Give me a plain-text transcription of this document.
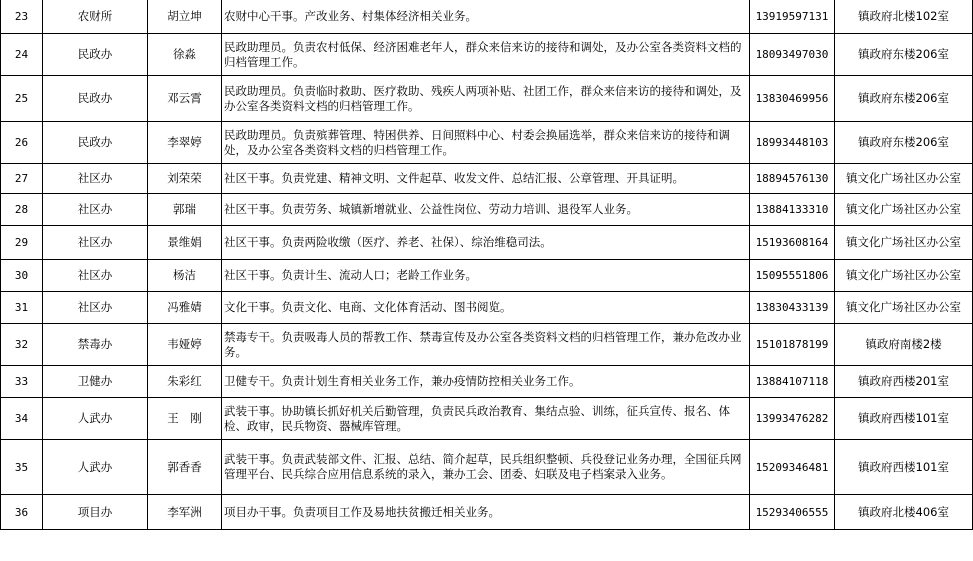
23	农财所	胡立坤	农财中心干事。产改业务、村集体经济相关业务。	13919597131	镇政府北楼102室
24	民政办	徐淼	民政助理员。负责农村低保、经济困难老年人，群众来信来访的接待和调处，及办公室各类资料文档的归档管理工作。	18093497030	镇政府东楼206室
25	民政办	邓云霄	民政助理员。负责临时救助、医疗救助、残疾人两项补贴、社团工作，群众来信来访的接待和调处，及办公室各类资料文档的归档管理工作。	13830469956	镇政府东楼206室
26	民政办	李翠婷	民政助理员。负责殡葬管理、特困供养、日间照料中心、村委会换届选举，群众来信来访的接待和调处，及办公室各类资料文档的归档管理工作。	18993448103	镇政府东楼206室
27	社区办	刘荣荣	社区干事。负责党建、精神文明、文件起草、收发文件、总结汇报、公章管理、开具证明。	18894576130	镇文化广场社区办公室
28	社区办	郭瑞	社区干事。负责劳务、城镇新增就业、公益性岗位、劳动力培训、退役军人业务。	13884133310	镇文化广场社区办公室
29	社区办	景维娟	社区干事。负责两险收缴（医疗、养老、社保）、综治维稳司法。	15193608164	镇文化广场社区办公室
30	社区办	杨洁	社区干事。负责计生、流动人口；老龄工作业务。	15095551806	镇文化广场社区办公室
31	社区办	冯雅婧	文化干事。负责文化、电商、文化体育活动、图书阅览。	13830433139	镇文化广场社区办公室
32	禁毒办	韦娅婷	禁毒专干。负责吸毒人员的帮教工作、禁毒宣传及办公室各类资料文档的归档管理工作，兼办危改办业务。	15101878199	镇政府南楼2楼
33	卫健办	朱彩红	卫健专干。负责计划生育相关业务工作，兼办疫情防控相关业务工作。	13884107118	镇政府西楼201室
34	人武办	王　刚	武装干事。协助镇长抓好机关后勤管理，负责民兵政治教育、集结点验、训练，征兵宣传、报名、体检、政审，民兵物资、器械库管理。	13993476282	镇政府西楼101室
35	人武办	郭香香	武装干事。负责武装部文件、汇报、总结、简介起草，民兵组织整顿、兵役登记业务办理，全国征兵网管理平台、民兵综合应用信息系统的录入，兼办工会、团委、妇联及电子档案录入业务。	15209346481	镇政府西楼101室
36	项目办	李军洲	项目办干事。负责项目工作及易地扶贫搬迁相关业务。	15293406555	镇政府北楼406室
